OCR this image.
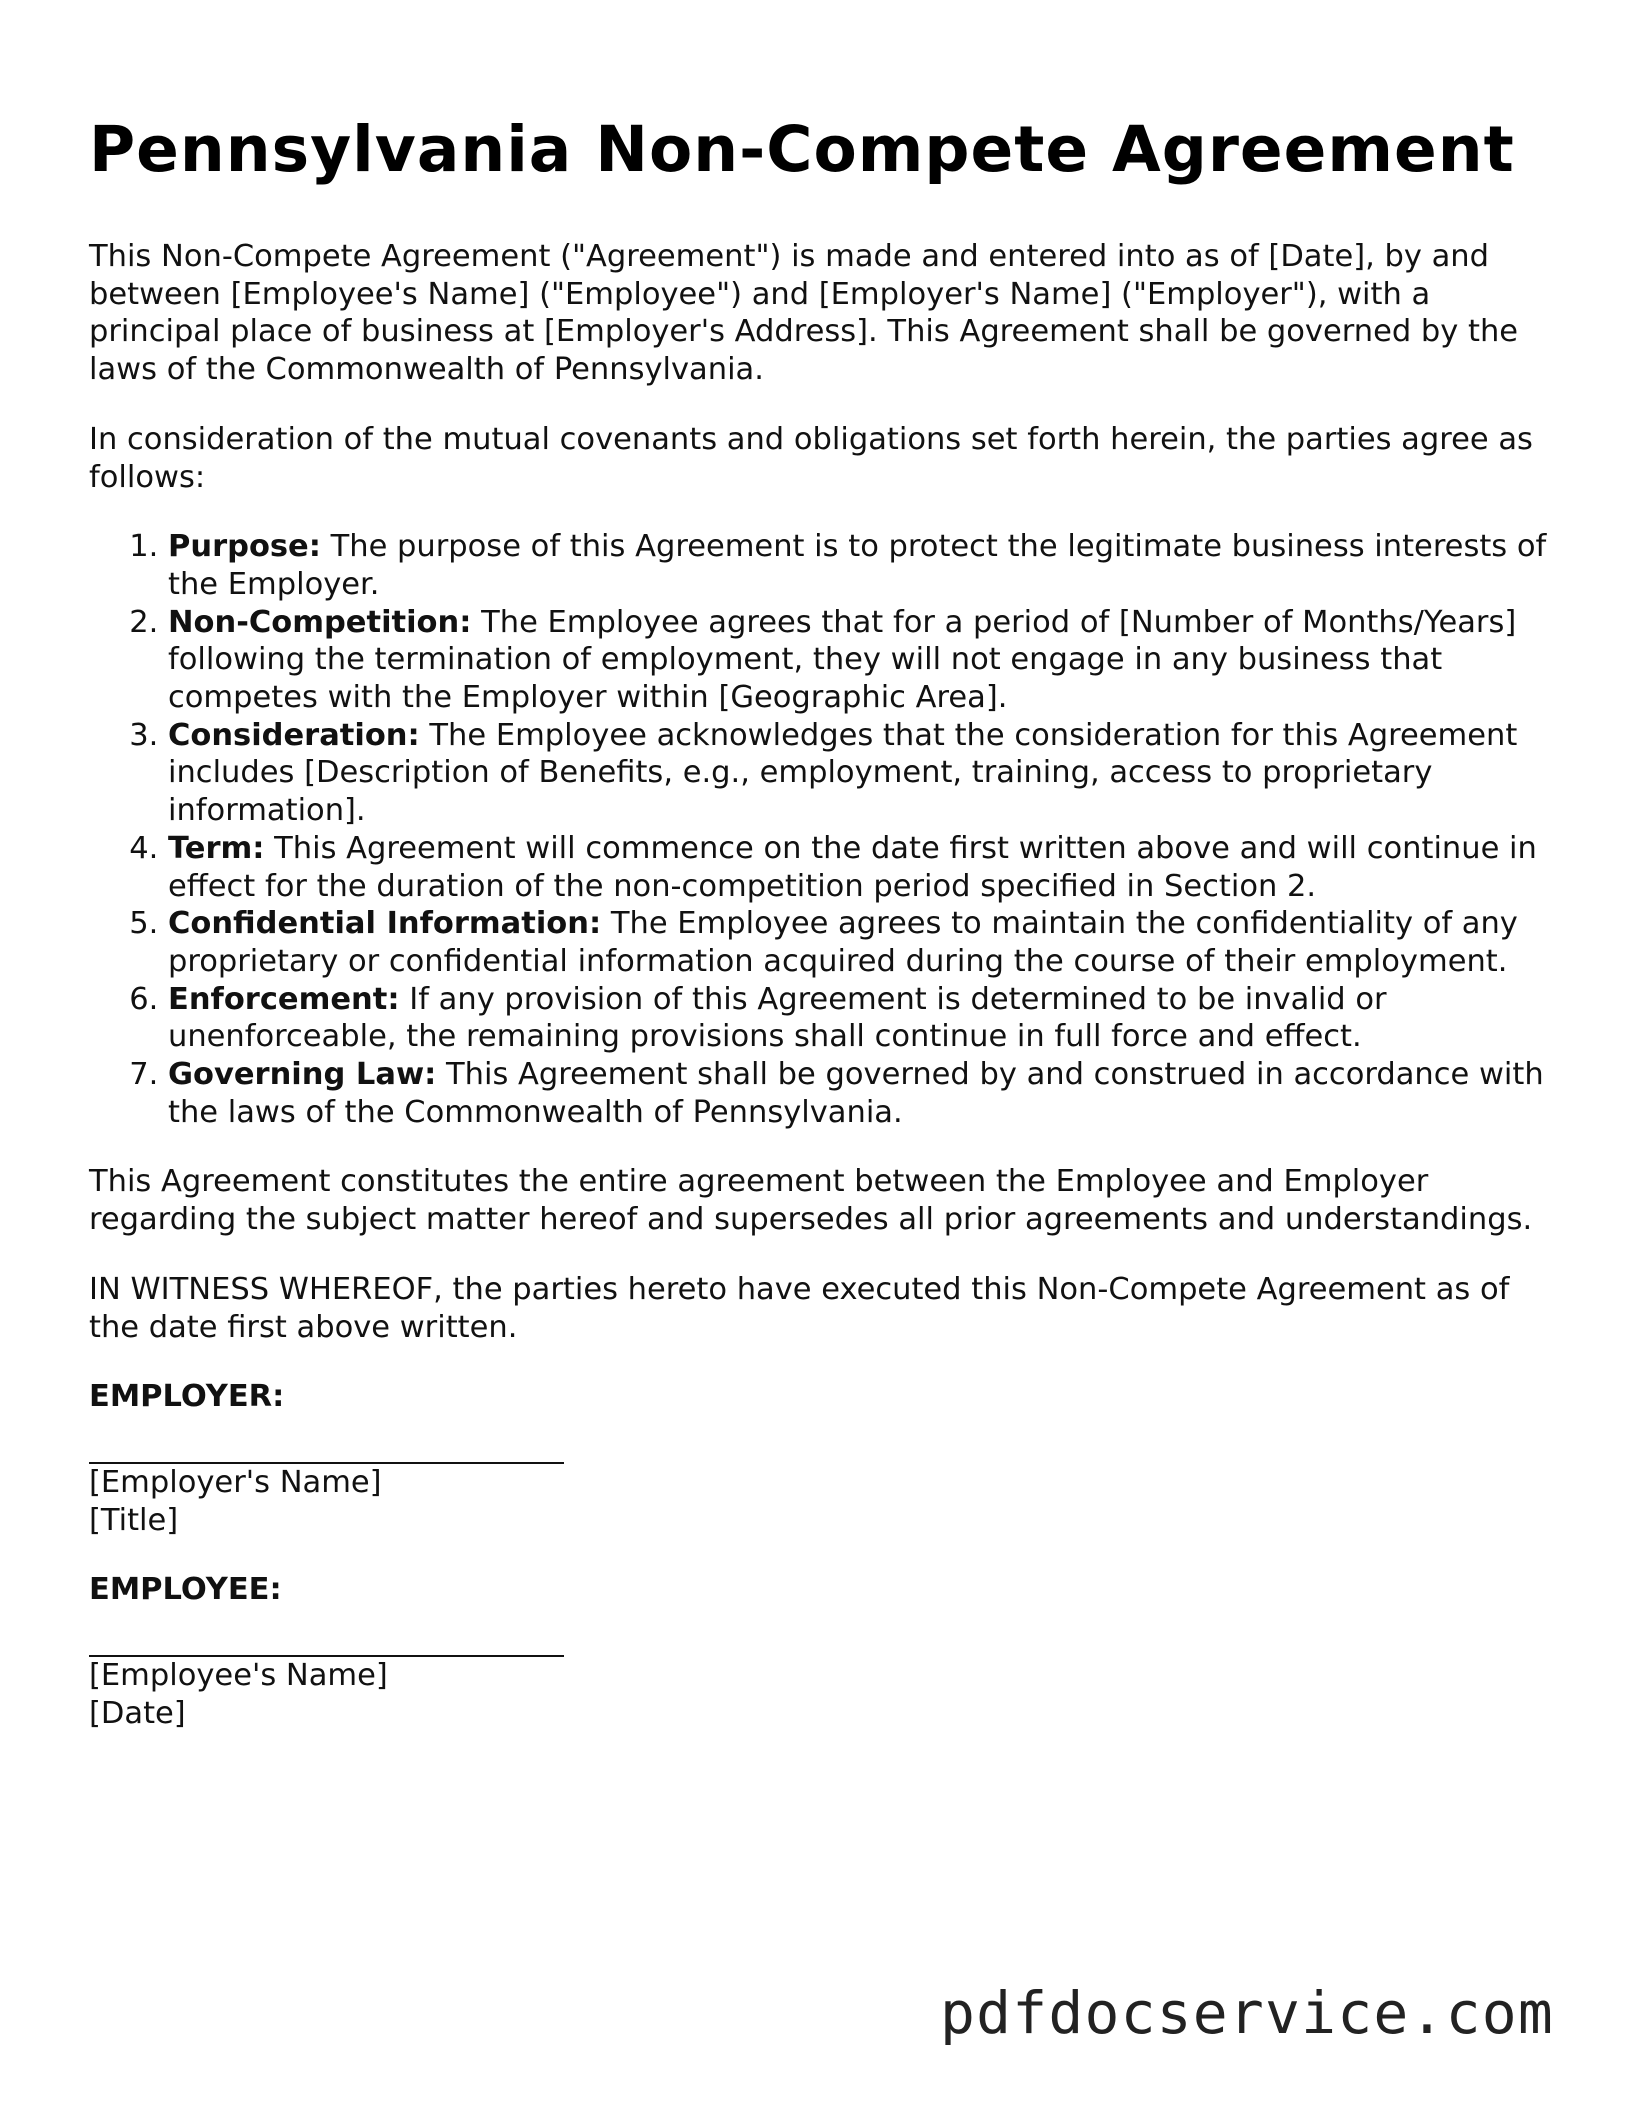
Pennsylvania Non-Compete Agreement

This Non-Compete Agreement ("Agreement") is made and entered into as of [Date], by and between [Employee's Name] ("Employee") and [Employer's Name] ("Employer"), with a principal place of business at [Employer's Address]. This Agreement shall be governed by the laws of the Commonwealth of Pennsylvania.

In consideration of the mutual covenants and obligations set forth herein, the parties agree as follows:

1. Purpose: The purpose of this Agreement is to protect the legitimate business interests of the Employer.
2. Non-Competition: The Employee agrees that for a period of [Number of Months/Years] following the termination of employment, they will not engage in any business that competes with the Employer within [Geographic Area].
3. Consideration: The Employee acknowledges that the consideration for this Agreement includes [Description of Benefits, e.g., employment, training, access to proprietary information].
4. Term: This Agreement will commence on the date first written above and will continue in effect for the duration of the non-competition period specified in Section 2.
5. Confidential Information: The Employee agrees to maintain the confidentiality of any proprietary or confidential information acquired during the course of their employment.
6. Enforcement: If any provision of this Agreement is determined to be invalid or unenforceable, the remaining provisions shall continue in full force and effect.
7. Governing Law: This Agreement shall be governed by and construed in accordance with the laws of the Commonwealth of Pennsylvania.

This Agreement constitutes the entire agreement between the Employee and Employer regarding the subject matter hereof and supersedes all prior agreements and understandings.

IN WITNESS WHEREOF, the parties hereto have executed this Non-Compete Agreement as of the date first above written.

EMPLOYER:

[Employer's Name]
[Title]

EMPLOYEE:

[Employee's Name]
[Date]
pdfdocservice.com
